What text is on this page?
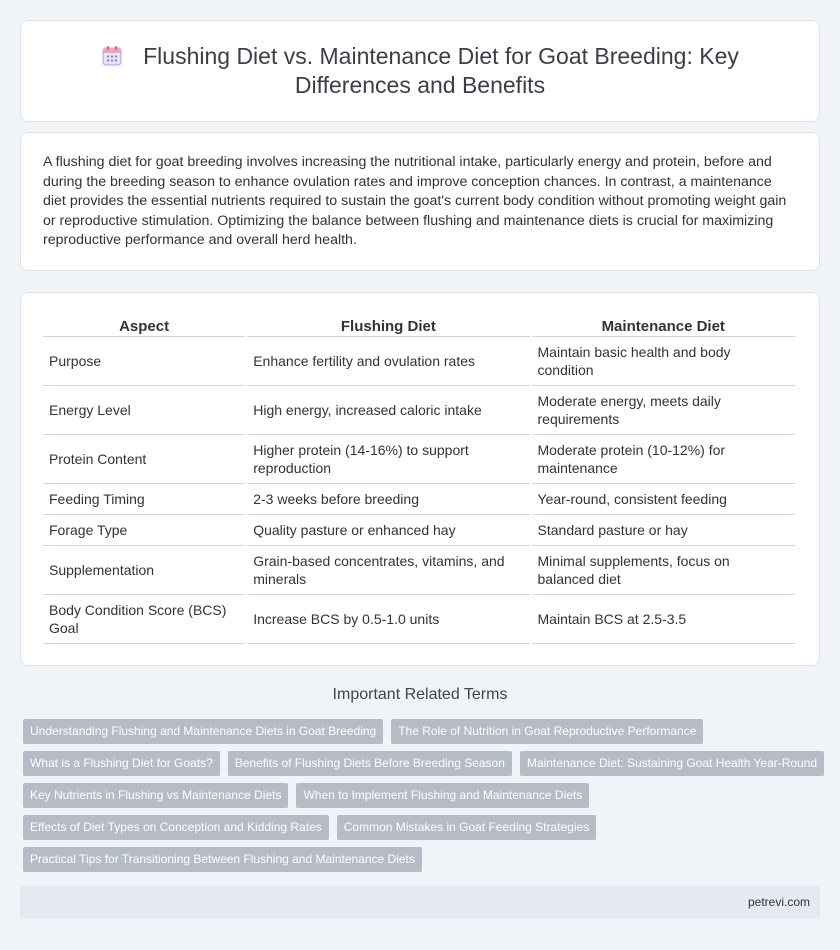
Flushing Diet vs. Maintenance Diet for Goat Breeding: Key Differences and Benefits

A flushing diet for goat breeding involves increasing the nutritional intake, particularly energy and protein, before and during the breeding season to enhance ovulation rates and improve conception chances. In contrast, a maintenance diet provides the essential nutrients required to sustain the goat's current body condition without promoting weight gain or reproductive stimulation. Optimizing the balance between flushing and maintenance diets is crucial for maximizing reproductive performance and overall herd health.

Aspect	Flushing Diet	Maintenance Diet
Purpose	Enhance fertility and ovulation rates	Maintain basic health and body condition
Energy Level	High energy, increased caloric intake	Moderate energy, meets daily requirements
Protein Content	Higher protein (14-16%) to support reproduction	Moderate protein (10-12%) for maintenance
Feeding Timing	2-3 weeks before breeding	Year-round, consistent feeding
Forage Type	Quality pasture or enhanced hay	Standard pasture or hay
Supplementation	Grain-based concentrates, vitamins, and minerals	Minimal supplements, focus on balanced diet
Body Condition Score (BCS) Goal	Increase BCS by 0.5-1.0 units	Maintain BCS at 2.5-3.5
Important Related Terms
Understanding Flushing and Maintenance Diets in Goat Breeding	The Role of Nutrition in Goat Reproductive Performance
What is a Flushing Diet for Goats?	Benefits of Flushing Diets Before Breeding Season	Maintenance Diet: Sustaining Goat Health Year-Round
Key Nutrients in Flushing vs Maintenance Diets	When to Implement Flushing and Maintenance Diets
Effects of Diet Types on Conception and Kidding Rates	Common Mistakes in Goat Feeding Strategies
Practical Tips for Transitioning Between Flushing and Maintenance Diets
petrevi.com
